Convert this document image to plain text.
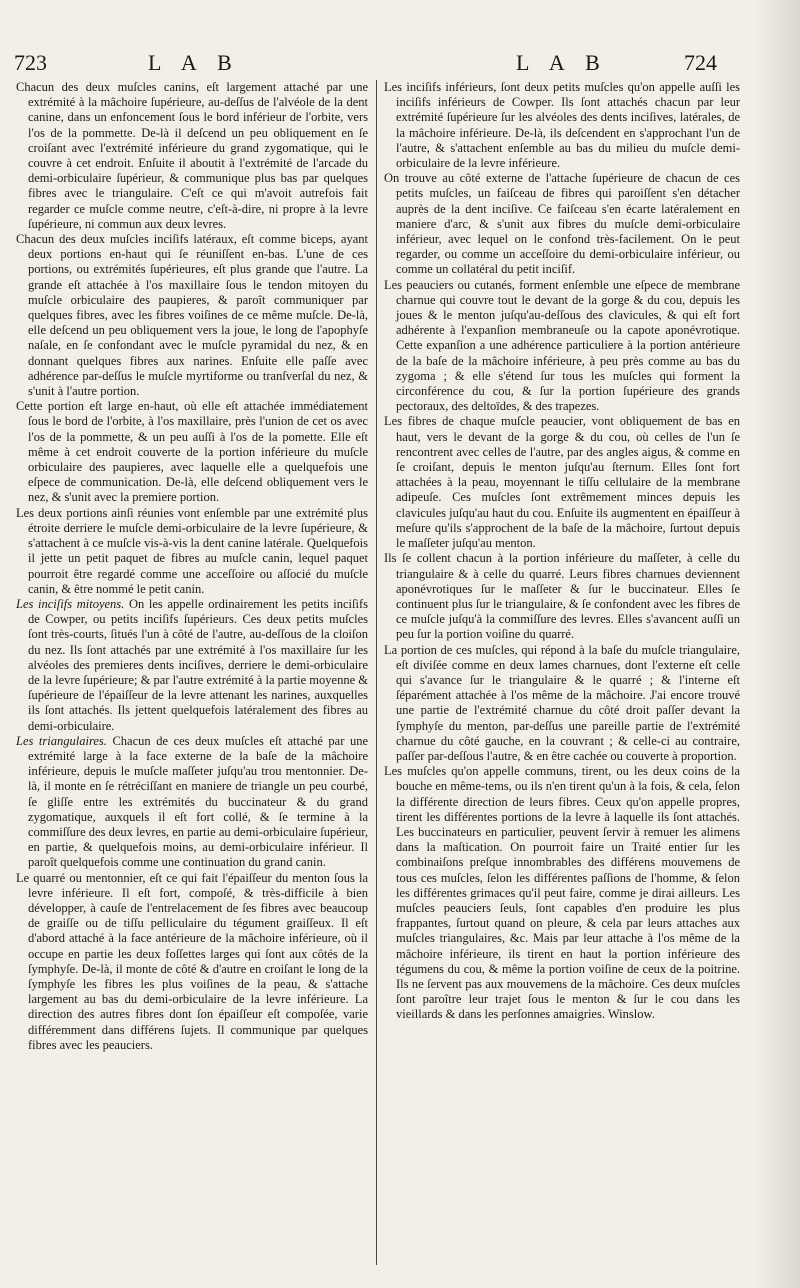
723	L A B	L A B	724

Chacun des deux muſcles canins, eſt largement attaché par une extrémité à la mâchoire ſupérieure, au-deſſus de l'alvéole de la dent canine, dans un enfoncement ſous le bord inférieur de l'orbite, vers l'os de la pommette. De-là il deſcend un peu obliquement en ſe croiſant avec l'extrémité inférieure du grand zygomatique, qui le couvre à cet endroit. Enſuite il aboutit à l'extrémité de l'arcade du demi-orbiculaire ſupérieur, & communique plus bas par quelques fibres avec le triangulaire. C'eſt ce qui m'avoit autrefois fait regarder ce muſcle comme neutre, c'eſt-à-dire, ni propre à la levre ſupérieure, ni commun aux deux levres.

Chacun des deux muſcles inciſifs latéraux, eſt comme biceps, ayant deux portions en-haut qui ſe réuniſſent en-bas. L'une de ces portions, ou extrémités ſupérieures, eſt plus grande que l'autre. La grande eſt attachée à l'os maxillaire ſous le tendon mitoyen du muſcle orbiculaire des paupieres, & paroît communiquer par quelques fibres, avec les fibres voiſines de ce même muſcle. De-là, elle deſcend un peu obliquement vers la joue, le long de l'apophyſe naſale, en ſe confondant avec le muſcle pyramidal du nez, & en donnant quelques fibres aux narines. Enſuite elle paſſe avec adhérence par-deſſus le muſcle myrtiforme ou tranſverſal du nez, & s'unit à l'autre portion.

Cette portion eſt large en-haut, où elle eſt attachée immédiatement ſous le bord de l'orbite, à l'os maxillaire, près l'union de cet os avec l'os de la pommette, & un peu auſſi à l'os de la pomette. Elle eſt même à cet endroit couverte de la portion inférieure du muſcle orbiculaire des paupieres, avec laquelle elle a quelquefois une eſpece de communication. De-là, elle deſcend obliquement vers le nez, & s'unit avec la premiere portion.

Les deux portions ainſi réunies vont enſemble par une extrémité plus étroite derriere le muſcle demi-orbiculaire de la levre ſupérieure, & s'attachent à ce muſcle vis-à-vis la dent canine latérale. Quelquefois il jette un petit paquet de fibres au muſcle canin, lequel paquet pourroit être regardé comme une acceſſoire ou aſſocié du muſcle canin, & être nommé le petit canin.

Les inciſifs mitoyens. On les appelle ordinairement les petits inciſifs de Cowper, ou petits inciſifs ſupérieurs. Ces deux petits muſcles ſont très-courts, ſitués l'un à côté de l'autre, au-deſſous de la cloiſon du nez. Ils ſont attachés par une extrémité à l'os maxillaire ſur les alvéoles des premieres dents inciſives, derriere le demi-orbiculaire de la levre ſupérieure; & par l'autre extrémité à la partie moyenne & ſupérieure de l'épaiſſeur de la levre attenant les narines, auxquelles ils ſont attachés. Ils jettent quelquefois latéralement des fibres au demi-orbiculaire.

Les triangulaires. Chacun de ces deux muſcles eſt attaché par une extrémité large à la face externe de la baſe de la mâchoire inférieure, depuis le muſcle maſſeter juſqu'au trou mentonnier. De-là, il monte en ſe rétréciſſant en maniere de triangle un peu courbé, ſe gliſſe entre les extrémités du buccinateur & du grand zygomatique, auxquels il eſt fort collé, & ſe termine à la commiſſure des deux levres, en partie au demi-orbiculaire ſupérieur, en partie, & quelquefois moins, au demi-orbiculaire inférieur. Il paroît quelquefois comme une continuation du grand canin.

Le quarré ou mentonnier, eſt ce qui fait l'épaiſſeur du menton ſous la levre inférieure. Il eſt fort, compoſé, & très-difficile à bien développer, à cauſe de l'entrelacement de ſes fibres avec beaucoup de graiſſe ou de tiſſu pelliculaire du tégument graiſſeux. Il eſt d'abord attaché à la face antérieure de la mâchoire inférieure, où il occupe en partie les deux foſſettes larges qui ſont aux côtés de la ſymphyſe. De-là, il monte de côté & d'autre en croiſant le long de la ſymphyſe les fibres les plus voiſines de la peau, & s'attache largement au bas du demi-orbiculaire de la levre inférieure. La direction des autres fibres dont ſon épaiſſeur eſt compoſée, varie différemment dans différens ſujets. Il communique par quelques fibres avec les peauciers.

Les inciſifs inférieurs, ſont deux petits muſcles qu'on appelle auſſi les inciſifs inférieurs de Cowper. Ils ſont attachés chacun par leur extrémité ſupérieure ſur les alvéoles des dents inciſives, latérales, de la mâchoire inférieure. De-là, ils deſcendent en s'approchant l'un de l'autre, & s'attachent enſemble au bas du milieu du muſcle demi-orbiculaire de la levre inférieure.

On trouve au côté externe de l'attache ſupérieure de chacun de ces petits muſcles, un faiſceau de fibres qui paroiſſent s'en détacher auprès de la dent inciſive. Ce faiſceau s'en écarte latéralement en maniere d'arc, & s'unit aux fibres du muſcle demi-orbiculaire inférieur, avec lequel on le confond très-facilement. On le peut regarder, ou comme un acceſſoire du demi-orbiculaire inférieur, ou comme un collatéral du petit inciſif.

Les peauciers ou cutanés, forment enſemble une eſpece de membrane charnue qui couvre tout le devant de la gorge & du cou, depuis les joues & le menton juſqu'au-deſſous des clavicules, & qui eſt fort adhérente à l'expanſion membraneuſe ou la capote aponévrotique. Cette expanſion a une adhérence particuliere à la portion antérieure de la baſe de la mâchoire inférieure, à peu près comme au bas du zygoma ; & elle s'étend ſur tous les muſcles qui forment la circonférence du cou, & ſur la portion ſupérieure des grands pectoraux, des deltoïdes, & des trapezes.

Les fibres de chaque muſcle peaucier, vont obliquement de bas en haut, vers le devant de la gorge & du cou, où celles de l'un ſe rencontrent avec celles de l'autre, par des angles aigus, & comme en ſe croiſant, depuis le menton juſqu'au ſternum. Elles ſont fort attachées à la peau, moyennant le tiſſu cellulaire de la membrane adipeuſe. Ces muſcles ſont extrêmement minces depuis les clavicules juſqu'au haut du cou. Enſuite ils augmentent en épaiſſeur à meſure qu'ils s'approchent de la baſe de la mâchoire, ſurtout depuis le maſſeter juſqu'au menton.

Ils ſe collent chacun à la portion inférieure du maſſeter, à celle du triangulaire & à celle du quarré. Leurs fibres charnues deviennent aponévrotiques ſur le maſſeter & ſur le buccinateur. Elles ſe continuent plus ſur le triangulaire, & ſe confondent avec les fibres de ce muſcle juſqu'à la commiſſure des levres. Elles s'avancent auſſi un peu ſur la portion voiſine du quarré.

La portion de ces muſcles, qui répond à la baſe du muſcle triangulaire, eſt diviſée comme en deux lames charnues, dont l'externe eſt celle qui s'avance ſur le triangulaire & le quarré ; & l'interne eſt ſéparément attachée à l'os même de la mâchoire. J'ai encore trouvé une partie de l'extrémité charnue du côté droit paſſer devant la ſymphyſe du menton, par-deſſus une pareille partie de l'extrémité charnue du côté gauche, en la couvrant ; & celle-ci au contraire, paſſer par-deſſous l'autre, & en être cachée ou couverte à proportion.

Les muſcles qu'on appelle communs, tirent, ou les deux coins de la bouche en même-tems, ou ils n'en tirent qu'un à la fois, & cela, ſelon la différente direction de leurs fibres. Ceux qu'on appelle propres, tirent les différentes portions de la levre à laquelle ils ſont attachés. Les buccinateurs en particulier, peuvent ſervir à remuer les alimens dans la maſtication. On pourroit faire un Traité entier ſur les combinaiſons preſque innombrables des différens mouvemens de tous ces muſcles, ſelon les différentes paſſions de l'homme, & ſelon les différentes grimaces qu'il peut faire, comme je dirai ailleurs. Les muſcles peauciers ſeuls, ſont capables d'en produire les plus frappantes, ſurtout quand on pleure, & cela par leurs attaches aux muſcles triangulaires, &c. Mais par leur attache à l'os même de la mâchoire inférieure, ils tirent en haut la portion inférieure des tégumens du cou, & même la portion voiſine de ceux de la poitrine. Ils ne ſervent pas aux mouvemens de la mâchoire. Ces deux muſcles ſont paroître leur trajet ſous le menton & ſur le cou dans les vieillards & dans les perſonnes amaigries. Winslow.
